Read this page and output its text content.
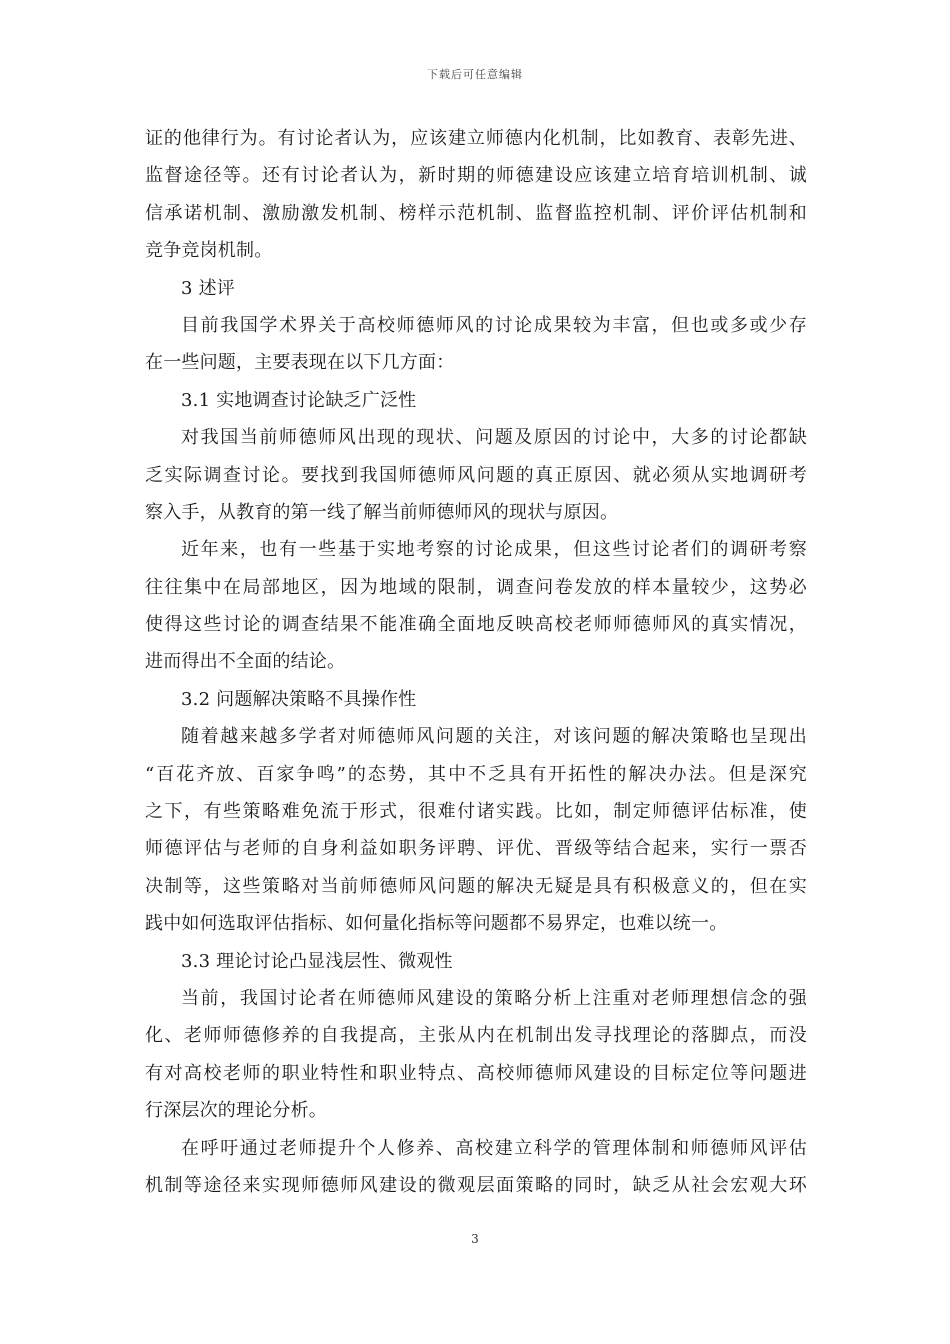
下载后可任意编辑
证的他律行为。有讨论者认为，应该建立师德内化机制，比如教育、表彰先进、
监督途径等。还有讨论者认为，新时期的师德建设应该建立培育培训机制、诚
信承诺机制、激励激发机制、榜样示范机制、监督监控机制、评价评估机制和
竞争竞岗机制。
3 述评
目前我国学术界关于高校师德师风的讨论成果较为丰富，但也或多或少存
在一些问题，主要表现在以下几方面：
3.1 实地调查讨论缺乏广泛性
对我国当前师德师风出现的现状、问题及原因的讨论中，大多的讨论都缺
乏实际调查讨论。要找到我国师德师风问题的真正原因、就必须从实地调研考
察入手，从教育的第一线了解当前师德师风的现状与原因。
近年来，也有一些基于实地考察的讨论成果，但这些讨论者们的调研考察
往往集中在局部地区，因为地域的限制，调查问卷发放的样本量较少，这势必
使得这些讨论的调查结果不能准确全面地反映高校老师师德师风的真实情况，
进而得出不全面的结论。
3.2 问题解决策略不具操作性
随着越来越多学者对师德师风问题的关注，对该问题的解决策略也呈现出
“百花齐放、百家争鸣”的态势，其中不乏具有开拓性的解决办法。但是深究
之下，有些策略难免流于形式，很难付诸实践。比如，制定师德评估标准，使
师德评估与老师的自身利益如职务评聘、评优、晋级等结合起来，实行一票否
决制等，这些策略对当前师德师风问题的解决无疑是具有积极意义的，但在实
践中如何选取评估指标、如何量化指标等问题都不易界定，也难以统一。
3.3 理论讨论凸显浅层性、微观性
当前，我国讨论者在师德师风建设的策略分析上注重对老师理想信念的强
化、老师师德修养的自我提高，主张从内在机制出发寻找理论的落脚点，而没
有对高校老师的职业特性和职业特点、高校师德师风建设的目标定位等问题进
行深层次的理论分析。
在呼吁通过老师提升个人修养、高校建立科学的管理体制和师德师风评估
机制等途径来实现师德师风建设的微观层面策略的同时，缺乏从社会宏观大环
3
